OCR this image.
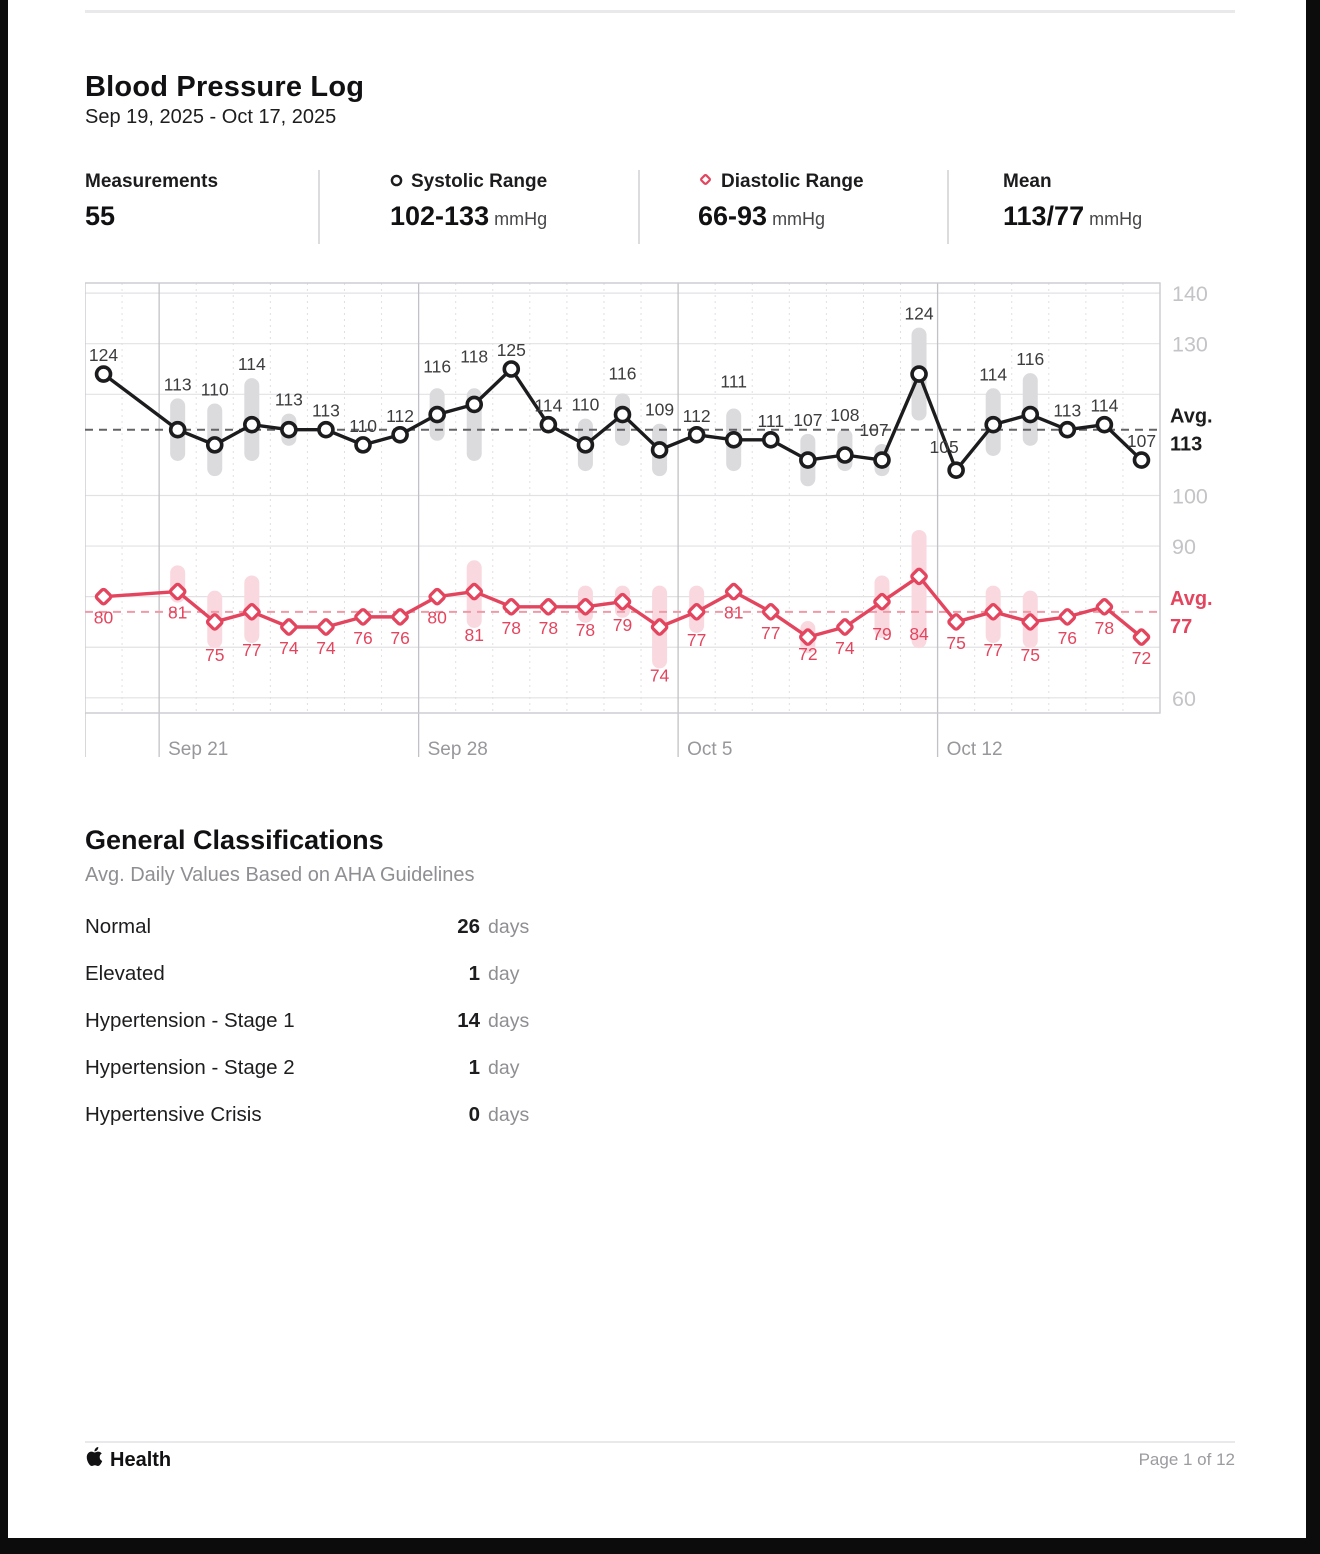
Blood Pressure Log
Sep 19, 2025 - Oct 17, 2025
Measurements
55
Systolic Range
102-133 mmHg
Diastolic Range
66-93 mmHg
Mean
113/77 mmHg
124
113 110
114
113
113
110
112
116 118 125
114 110
116
109 112
111
111 107 108
107
124
105
114
116
113 114
107
80	81
75 77 74 74
76 76
80
81 78 78 78 79
74
77
81
77
72 74
79 84 75 77 75
76
78
72
140
130
100
90
60
Avg.
113
Avg.
77
Sep 21	Sep 28	Oct 5	Oct 12
General Classifications
Avg. Daily Values Based on AHA Guidelines
Normal	26 days
Elevated	1 day
Hypertension - Stage 1	14 days
Hypertension - Stage 2	1 day
Hypertensive Crisis	0 days
Health	Page 1 of 12
